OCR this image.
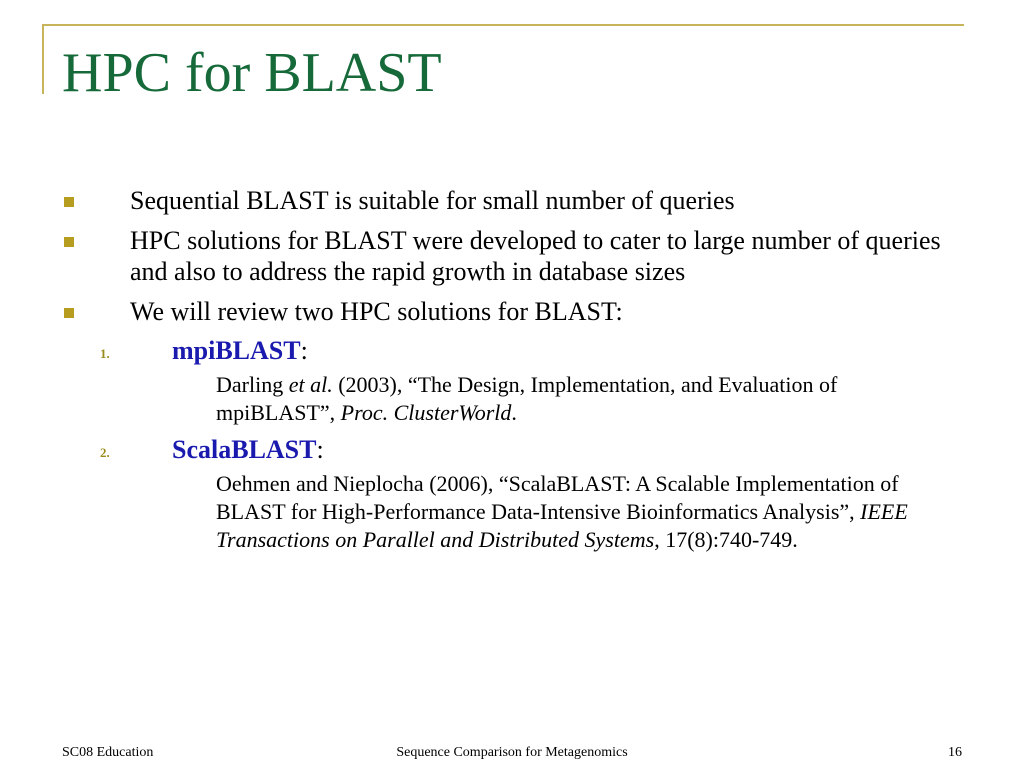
HPC for BLAST
Sequential BLAST is suitable for small number of queries
HPC solutions for BLAST were developed to cater to large number of queries and also to address the rapid growth in database sizes
We will review two HPC solutions for BLAST:
1. mpiBLAST:
Darling et al. (2003), “The Design, Implementation, and Evaluation of mpiBLAST”, Proc. ClusterWorld.
2. ScalaBLAST:
Oehmen and Nieplocha (2006), “ScalaBLAST: A Scalable Implementation of BLAST for High-Performance Data-Intensive Bioinformatics Analysis”, IEEE Transactions on Parallel and Distributed Systems, 17(8):740-749.
SC08 Education	Sequence Comparison for Metagenomics	16
